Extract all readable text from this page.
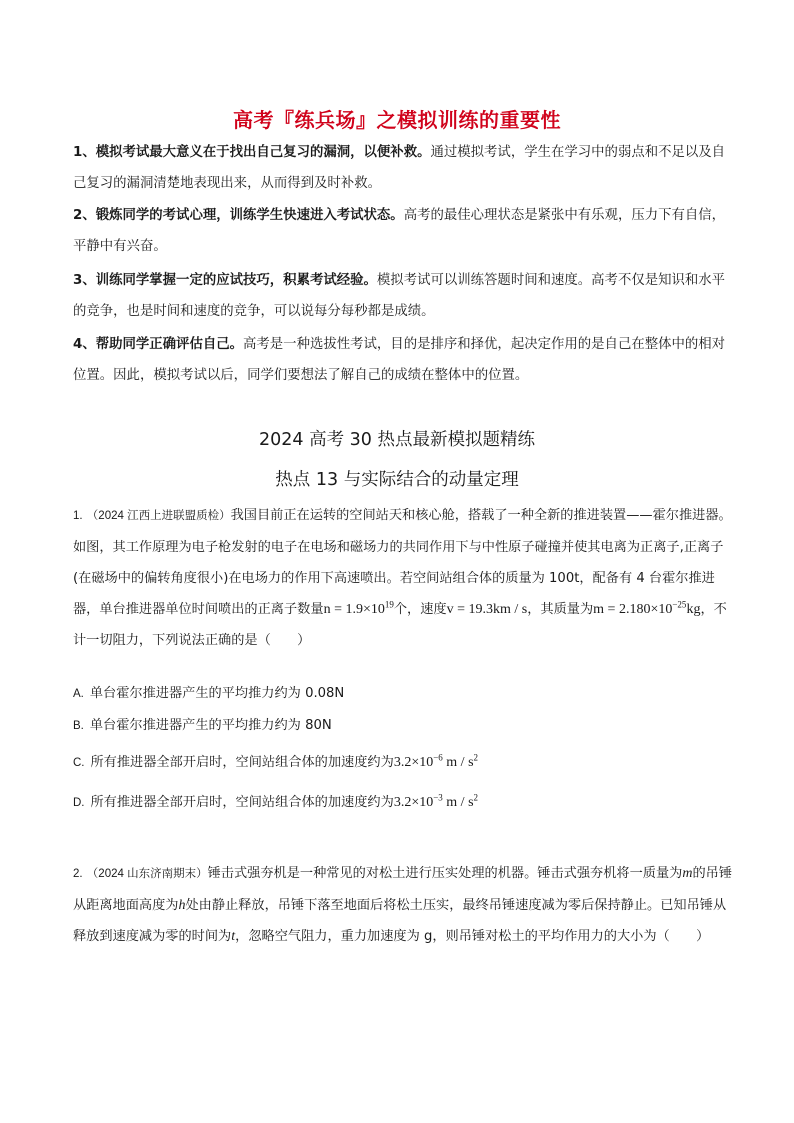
高考『练兵场』之模拟训练的重要性
1、模拟考试最大意义在于找出自己复习的漏洞，以便补救。通过模拟考试，学生在学习中的弱点和不足以及自己复习的漏洞清楚地表现出来，从而得到及时补救。
2、锻炼同学的考试心理，训练学生快速进入考试状态。高考的最佳心理状态是紧张中有乐观，压力下有自信，平静中有兴奋。
3、训练同学掌握一定的应试技巧，积累考试经验。模拟考试可以训练答题时间和速度。高考不仅是知识和水平的竞争，也是时间和速度的竞争，可以说每分每秒都是成绩。
4、帮助同学正确评估自己。高考是一种选拔性考试，目的是排序和择优，起决定作用的是自己在整体中的相对位置。因此，模拟考试以后，同学们要想法了解自己的成绩在整体中的位置。
2024 高考 30 热点最新模拟题精练
热点 13 与实际结合的动量定理
1. （2024 江西上进联盟质检）我国目前正在运转的空间站天和核心舱，搭载了一种全新的推进装置——霍尔推进器。如图，其工作原理为电子枪发射的电子在电场和磁场力的共同作用下与中性原子碰撞并使其电离为正离子,正离子(在磁场中的偏转角度很小)在电场力的作用下高速喷出。若空间站组合体的质量为 100t，配备有 4 台霍尔推进器，单台推进器单位时间喷出的正离子数量$n = 1.9\times 10^{19}$个，速度v = 19.3km / s，其质量为$m = 2.180\times 10^{-25}kg$，不计一切阻力，下列说法正确的是（　　）
A. 单台霍尔推进器产生的平均推力约为 0.08N
B. 单台霍尔推进器产生的平均推力约为 80N
C. 所有推进器全部开启时，空间站组合体的加速度约为$3.2\times 10^{-6}$ m / $s^2$
D. 所有推进器全部开启时，空间站组合体的加速度约为$3.2\times 10^{-3}$ m / $s^2$
2. （2024 山东济南期末）锤击式强夯机是一种常见的对松土进行压实处理的机器。锤击式强夯机将一质量为m的吊锤从距离地面高度为h处由静止释放，吊锤下落至地面后将松土压实，最终吊锤速度减为零后保持静止。已知吊锤从释放到速度减为零的时间为t，忽略空气阻力，重力加速度为 g，则吊锤对松土的平均作用力的大小为（　　）
